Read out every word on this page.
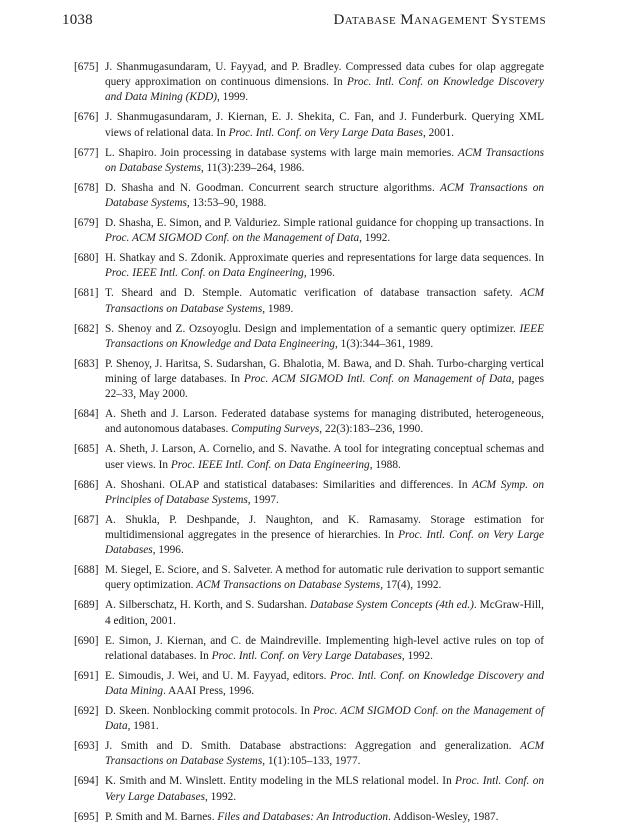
1038	Database Management Systems
[675] J. Shanmugasundaram, U. Fayyad, and P. Bradley. Compressed data cubes for olap aggregate query approximation on continuous dimensions. In Proc. Intl. Conf. on Knowledge Discovery and Data Mining (KDD), 1999.
[676] J. Shanmugasundaram, J. Kiernan, E. J. Shekita, C. Fan, and J. Funderburk. Querying XML views of relational data. In Proc. Intl. Conf. on Very Large Data Bases, 2001.
[677] L. Shapiro. Join processing in database systems with large main memories. ACM Transactions on Database Systems, 11(3):239–264, 1986.
[678] D. Shasha and N. Goodman. Concurrent search structure algorithms. ACM Transactions on Database Systems, 13:53–90, 1988.
[679] D. Shasha, E. Simon, and P. Valduriez. Simple rational guidance for chopping up transactions. In Proc. ACM SIGMOD Conf. on the Management of Data, 1992.
[680] H. Shatkay and S. Zdonik. Approximate queries and representations for large data sequences. In Proc. IEEE Intl. Conf. on Data Engineering, 1996.
[681] T. Sheard and D. Stemple. Automatic verification of database transaction safety. ACM Transactions on Database Systems, 1989.
[682] S. Shenoy and Z. Ozsoyoglu. Design and implementation of a semantic query optimizer. IEEE Transactions on Knowledge and Data Engineering, 1(3):344–361, 1989.
[683] P. Shenoy, J. Haritsa, S. Sudarshan, G. Bhalotia, M. Bawa, and D. Shah. Turbo-charging vertical mining of large databases. In Proc. ACM SIGMOD Intl. Conf. on Management of Data, pages 22–33, May 2000.
[684] A. Sheth and J. Larson. Federated database systems for managing distributed, heterogeneous, and autonomous databases. Computing Surveys, 22(3):183–236, 1990.
[685] A. Sheth, J. Larson, A. Cornelio, and S. Navathe. A tool for integrating conceptual schemas and user views. In Proc. IEEE Intl. Conf. on Data Engineering, 1988.
[686] A. Shoshani. OLAP and statistical databases: Similarities and differences. In ACM Symp. on Principles of Database Systems, 1997.
[687] A. Shukla, P. Deshpande, J. Naughton, and K. Ramasamy. Storage estimation for multidimensional aggregates in the presence of hierarchies. In Proc. Intl. Conf. on Very Large Databases, 1996.
[688] M. Siegel, E. Sciore, and S. Salveter. A method for automatic rule derivation to support semantic query optimization. ACM Transactions on Database Systems, 17(4), 1992.
[689] A. Silberschatz, H. Korth, and S. Sudarshan. Database System Concepts (4th ed.). McGraw-Hill, 4 edition, 2001.
[690] E. Simon, J. Kiernan, and C. de Maindreville. Implementing high-level active rules on top of relational databases. In Proc. Intl. Conf. on Very Large Databases, 1992.
[691] E. Simoudis, J. Wei, and U. M. Fayyad, editors. Proc. Intl. Conf. on Knowledge Discovery and Data Mining. AAAI Press, 1996.
[692] D. Skeen. Nonblocking commit protocols. In Proc. ACM SIGMOD Conf. on the Management of Data, 1981.
[693] J. Smith and D. Smith. Database abstractions: Aggregation and generalization. ACM Transactions on Database Systems, 1(1):105–133, 1977.
[694] K. Smith and M. Winslett. Entity modeling in the MLS relational model. In Proc. Intl. Conf. on Very Large Databases, 1992.
[695] P. Smith and M. Barnes. Files and Databases: An Introduction. Addison-Wesley, 1987.
